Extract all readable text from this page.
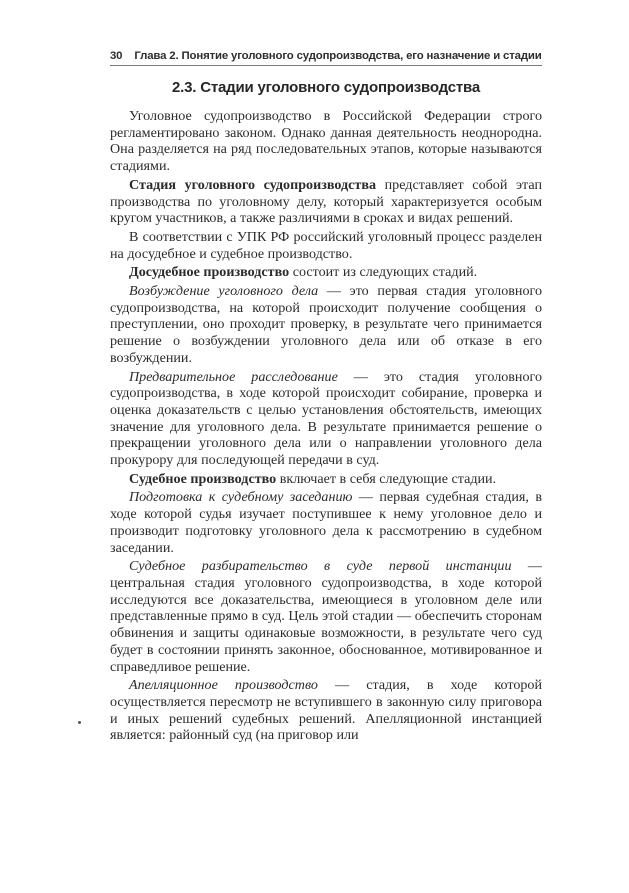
30 Глава 2. Понятие уголовного судопроизводства, его назначение и стадии
2.3. Стадии уголовного судопроизводства

Уголовное судопроизводство в Российской Федерации строго регламентировано законом. Однако данная деятельность неоднородна. Она разделяется на ряд последовательных этапов, которые называются стадиями.

Стадия уголовного судопроизводства представляет собой этап производства по уголовному делу, который характеризуется особым кругом участников, а также различиями в сроках и видах решений.

В соответствии с УПК РФ российский уголовный процесс разделен на досудебное и судебное производство.

Досудебное производство состоит из следующих стадий.

Возбуждение уголовного дела — это первая стадия уголовного судопроизводства, на которой происходит получение сообщения о преступлении, оно проходит проверку, в результате чего принимается решение о возбуждении уголовного дела или об отказе в его возбуждении.

Предварительное расследование — это стадия уголовного судопроизводства, в ходе которой происходит собирание, проверка и оценка доказательств с целью установления обстоятельств, имеющих значение для уголовного дела. В результате принимается решение о прекращении уголовного дела или о направлении уголовного дела прокурору для последующей передачи в суд.

Судебное производство включает в себя следующие стадии.

Подготовка к судебному заседанию — первая судебная стадия, в ходе которой судья изучает поступившее к нему уголовное дело и производит подготовку уголовного дела к рассмотрению в судебном заседании.

Судебное разбирательство в суде первой инстанции — центральная стадия уголовного судопроизводства, в ходе которой исследуются все доказательства, имеющиеся в уголовном деле или представленные прямо в суд. Цель этой стадии — обеспечить сторонам обвинения и защиты одинаковые возможности, в результате чего суд будет в состоянии принять законное, обоснованное, мотивированное и справедливое решение.

Апелляционное производство — стадия, в ходе которой осуществляется пересмотр не вступившего в законную силу приговора и иных решений судебных решений. Апелляционной инстанцией является: районный суд (на приговор или
